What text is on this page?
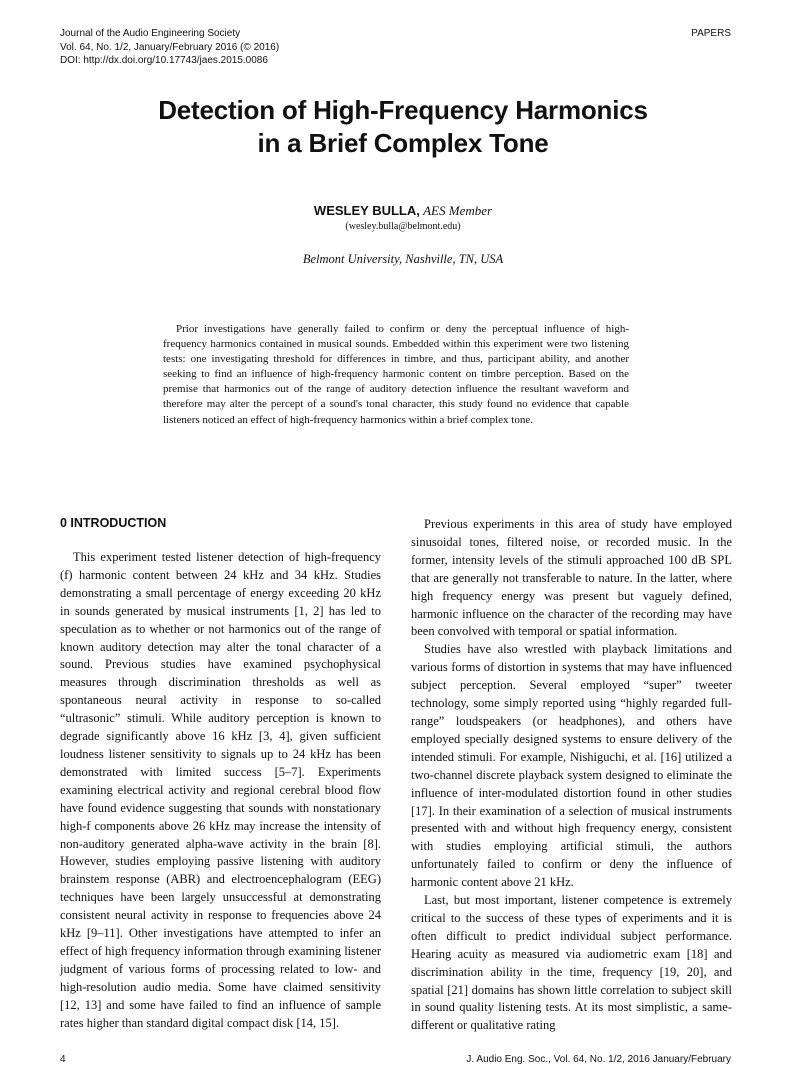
Journal of the Audio Engineering Society
Vol. 64, No. 1/2, January/February 2016 (© 2016)
DOI: http://dx.doi.org/10.17743/jaes.2015.0086
PAPERS
Detection of High-Frequency Harmonics
in a Brief Complex Tone
WESLEY BULLA, AES Member
(wesley.bulla@belmont.edu)
Belmont University, Nashville, TN, USA
Prior investigations have generally failed to confirm or deny the perceptual influence of high-frequency harmonics contained in musical sounds. Embedded within this experiment were two listening tests: one investigating threshold for differences in timbre, and thus, participant ability, and another seeking to find an influence of high-frequency harmonic content on timbre perception. Based on the premise that harmonics out of the range of auditory detection influence the resultant waveform and therefore may alter the percept of a sound's tonal character, this study found no evidence that capable listeners noticed an effect of high-frequency harmonics within a brief complex tone.
0 INTRODUCTION

This experiment tested listener detection of high-frequency (f) harmonic content between 24 kHz and 34 kHz. Studies demonstrating a small percentage of energy exceeding 20 kHz in sounds generated by musical instruments [1, 2] has led to speculation as to whether or not harmonics out of the range of known auditory detection may alter the tonal character of a sound. Previous studies have examined psychophysical measures through discrimination thresholds as well as spontaneous neural activity in response to so-called “ultrasonic” stimuli. While auditory perception is known to degrade significantly above 16 kHz [3, 4], given sufficient loudness listener sensitivity to signals up to 24 kHz has been demonstrated with limited success [5–7]. Experiments examining electrical activity and regional cerebral blood flow have found evidence suggesting that sounds with nonstationary high-f components above 26 kHz may increase the intensity of non-auditory generated alpha-wave activity in the brain [8]. However, studies employing passive listening with auditory brainstem response (ABR) and electroencephalogram (EEG) techniques have been largely unsuccessful at demonstrating consistent neural activity in response to frequencies above 24 kHz [9–11]. Other investigations have attempted to infer an effect of high frequency information through examining listener judgment of various forms of processing related to low- and high-resolution audio media. Some have claimed sensitivity [12, 13] and some have failed to find an influence of sample rates higher than standard digital compact disk [14, 15].

Previous experiments in this area of study have employed sinusoidal tones, filtered noise, or recorded music. In the former, intensity levels of the stimuli approached 100 dB SPL that are generally not transferable to nature. In the latter, where high frequency energy was present but vaguely defined, harmonic influence on the character of the recording may have been convolved with temporal or spatial information.

Studies have also wrestled with playback limitations and various forms of distortion in systems that may have influenced subject perception. Several employed “super” tweeter technology, some simply reported using “highly regarded full-range” loudspeakers (or headphones), and others have employed specially designed systems to ensure delivery of the intended stimuli. For example, Nishiguchi, et al. [16] utilized a two-channel discrete playback system designed to eliminate the influence of inter-modulated distortion found in other studies [17]. In their examination of a selection of musical instruments presented with and without high frequency energy, consistent with studies employing artificial stimuli, the authors unfortunately failed to confirm or deny the influence of harmonic content above 21 kHz.

Last, but most important, listener competence is extremely critical to the success of these types of experiments and it is often difficult to predict individual subject performance. Hearing acuity as measured via audiometric exam [18] and discrimination ability in the time, frequency [19, 20], and spatial [21] domains has shown little correlation to subject skill in sound quality listening tests. At its most simplistic, a same-different or qualitative rating

4	J. Audio Eng. Soc., Vol. 64, No. 1/2, 2016 January/February
